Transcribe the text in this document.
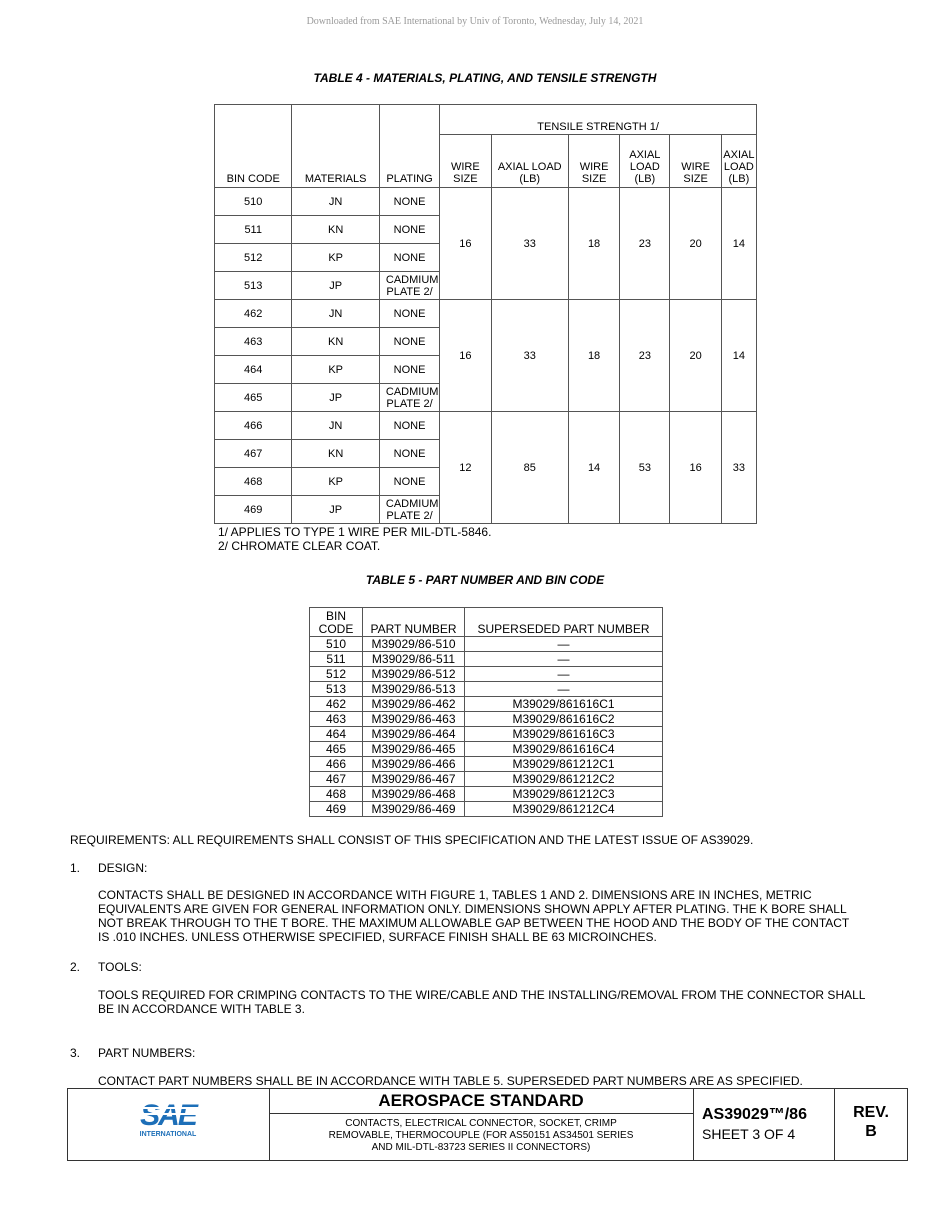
Downloaded from SAE International by Univ of Toronto, Wednesday, July 14, 2021
TABLE 4 - MATERIALS, PLATING, AND TENSILE STRENGTH
BIN CODE	MATERIALS	PLATING	TENSILE STRENGTH 1/					
			WIRE SIZE	AXIAL LOAD (LB)	WIRE SIZE	AXIAL LOAD (LB)	WIRE SIZE	AXIAL LOAD (LB)
510	JN	NONE	16	33	18	23	20	14
511	KN	NONE						
512	KP	NONE						
513	JP	CADMIUM PLATE 2/						
462	JN	NONE	16	33	18	23	20	14
463	KN	NONE						
464	KP	NONE						
465	JP	CADMIUM PLATE 2/						
466	JN	NONE	12	85	14	53	16	33
467	KN	NONE						
468	KP	NONE						
469	JP	CADMIUM PLATE 2/						
1/ APPLIES TO TYPE 1 WIRE PER MIL-DTL-5846.
2/ CHROMATE CLEAR COAT.
TABLE 5 - PART NUMBER AND BIN CODE
BIN CODE	PART NUMBER	SUPERSEDED PART NUMBER
510	M39029/86-510	—
511	M39029/86-511	—
512	M39029/86-512	—
513	M39029/86-513	—
462	M39029/86-462	M39029/861616C1
463	M39029/86-463	M39029/861616C2
464	M39029/86-464	M39029/861616C3
465	M39029/86-465	M39029/861616C4
466	M39029/86-466	M39029/861212C1
467	M39029/86-467	M39029/861212C2
468	M39029/86-468	M39029/861212C3
469	M39029/86-469	M39029/861212C4
REQUIREMENTS: ALL REQUIREMENTS SHALL CONSIST OF THIS SPECIFICATION AND THE LATEST ISSUE OF AS39029.
1. DESIGN:
CONTACTS SHALL BE DESIGNED IN ACCORDANCE WITH FIGURE 1, TABLES 1 AND 2. DIMENSIONS ARE IN INCHES, METRIC EQUIVALENTS ARE GIVEN FOR GENERAL INFORMATION ONLY. DIMENSIONS SHOWN APPLY AFTER PLATING. THE K BORE SHALL NOT BREAK THROUGH TO THE T BORE. THE MAXIMUM ALLOWABLE GAP BETWEEN THE HOOD AND THE BODY OF THE CONTACT IS .010 INCHES. UNLESS OTHERWISE SPECIFIED, SURFACE FINISH SHALL BE 63 MICROINCHES.
2. TOOLS:
TOOLS REQUIRED FOR CRIMPING CONTACTS TO THE WIRE/CABLE AND THE INSTALLING/REMOVAL FROM THE CONNECTOR SHALL BE IN ACCORDANCE WITH TABLE 3.
3. PART NUMBERS:
CONTACT PART NUMBERS SHALL BE IN ACCORDANCE WITH TABLE 5. SUPERSEDED PART NUMBERS ARE AS SPECIFIED.
SAE
INTERNATIONAL
AEROSPACE STANDARD
CONTACTS, ELECTRICAL CONNECTOR, SOCKET, CRIMP REMOVABLE, THERMOCOUPLE (FOR AS50151 AS34501 SERIES AND MIL-DTL-83723 SERIES II CONNECTORS)
AS39029™/86
SHEET 3 OF 4
REV.
B
